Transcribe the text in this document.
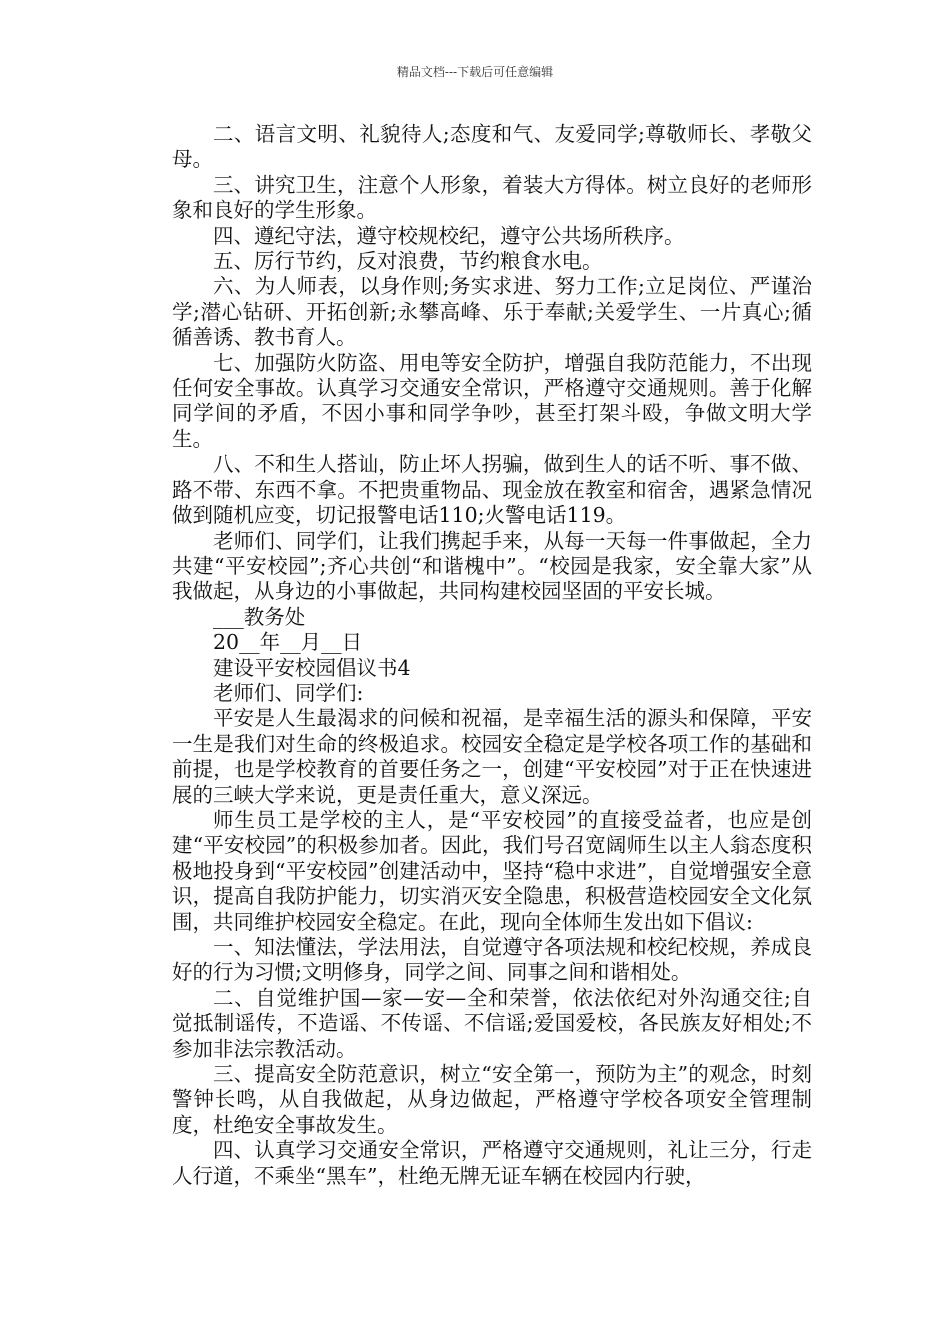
精品文档---下载后可任意编辑

二、语言文明、礼貌待人;态度和气、友爱同学;尊敬师长、孝敬父母。

三、讲究卫生，注意个人形象，着装大方得体。树立良好的老师形象和良好的学生形象。

四、遵纪守法，遵守校规校纪，遵守公共场所秩序。

五、厉行节约，反对浪费，节约粮食水电。

六、为人师表，以身作则;务实求进、努力工作;立足岗位、严谨治学;潜心钻研、开拓创新;永攀高峰、乐于奉献;关爱学生、一片真心;循循善诱、教书育人。

七、加强防火防盗、用电等安全防护，增强自我防范能力，不出现任何安全事故。认真学习交通安全常识，严格遵守交通规则。善于化解同学间的矛盾，不因小事和同学争吵，甚至打架斗殴，争做文明大学生。

八、不和生人搭讪，防止坏人拐骗，做到生人的话不听、事不做、路不带、东西不拿。不把贵重物品、现金放在教室和宿舍，遇紧急情况做到随机应变，切记报警电话110;火警电话119。

老师们、同学们，让我们携起手来，从每一天每一件事做起，全力共建“平安校园”;齐心共创“和谐槐中”。“校园是我家，安全靠大家”从我做起，从身边的小事做起，共同构建校园坚固的平安长城。

___教务处

20__年__月__日

建设平安校园倡议书4

老师们、同学们:

平安是人生最渴求的问候和祝福，是幸福生活的源头和保障，平安一生是我们对生命的终极追求。校园安全稳定是学校各项工作的基础和前提，也是学校教育的首要任务之一，创建“平安校园”对于正在快速进展的三峡大学来说，更是责任重大，意义深远。

师生员工是学校的主人，是“平安校园”的直接受益者，也应是创建“平安校园”的积极参加者。因此，我们号召宽阔师生以主人翁态度积极地投身到“平安校园”创建活动中，坚持“稳中求进”，自觉增强安全意识，提高自我防护能力，切实消灭安全隐患，积极营造校园安全文化氛围，共同维护校园安全稳定。在此，现向全体师生发出如下倡议:

一、知法懂法，学法用法，自觉遵守各项法规和校纪校规，养成良好的行为习惯;文明修身，同学之间、同事之间和谐相处。

二、自觉维护国—家—安—全和荣誉，依法依纪对外沟通交往;自觉抵制谣传，不造谣、不传谣、不信谣;爱国爱校，各民族友好相处;不参加非法宗教活动。

三、提高安全防范意识，树立“安全第一，预防为主”的观念，时刻警钟长鸣，从自我做起，从身边做起，严格遵守学校各项安全管理制度，杜绝安全事故发生。

四、认真学习交通安全常识，严格遵守交通规则，礼让三分，行走人行道，不乘坐“黑车”，杜绝无牌无证车辆在校园内行驶，
